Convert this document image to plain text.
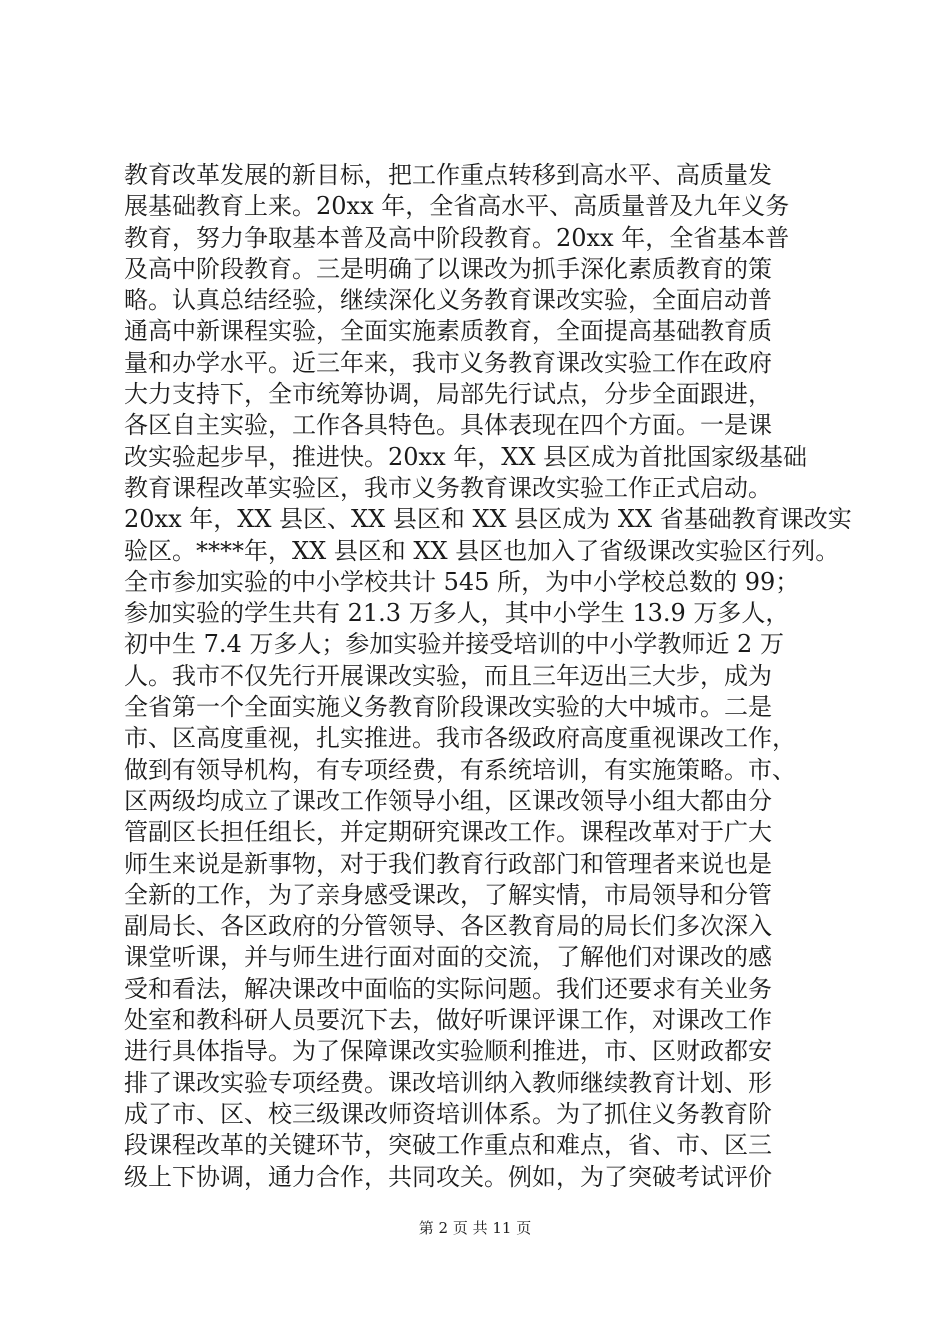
教育改革发展的新目标，把工作重点转移到高水平、高质量发
展基础教育上来。20xx 年，全省高水平、高质量普及九年义务
教育，努力争取基本普及高中阶段教育。20xx 年，全省基本普
及高中阶段教育。三是明确了以课改为抓手深化素质教育的策
略。认真总结经验，继续深化义务教育课改实验，全面启动普
通高中新课程实验，全面实施素质教育，全面提高基础教育质
量和办学水平。近三年来，我市义务教育课改实验工作在政府
大力支持下，全市统筹协调，局部先行试点，分步全面跟进，
各区自主实验，工作各具特色。具体表现在四个方面。一是课
改实验起步早，推进快。20xx 年，XX 县区成为首批国家级基础
教育课程改革实验区，我市义务教育课改实验工作正式启动。
20xx 年，XX 县区、XX 县区和 XX 县区成为 XX 省基础教育课改实
验区。****年，XX 县区和 XX 县区也加入了省级课改实验区行列。
全市参加实验的中小学校共计 545 所，为中小学校总数的 99；
参加实验的学生共有 21.3 万多人，其中小学生 13.9 万多人，
初中生 7.4 万多人；参加实验并接受培训的中小学教师近 2 万
人。我市不仅先行开展课改实验，而且三年迈出三大步，成为
全省第一个全面实施义务教育阶段课改实验的大中城市。二是
市、区高度重视，扎实推进。我市各级政府高度重视课改工作，
做到有领导机构，有专项经费，有系统培训，有实施策略。市、
区两级均成立了课改工作领导小组，区课改领导小组大都由分
管副区长担任组长，并定期研究课改工作。课程改革对于广大
师生来说是新事物，对于我们教育行政部门和管理者来说也是
全新的工作，为了亲身感受课改，了解实情，市局领导和分管
副局长、各区政府的分管领导、各区教育局的局长们多次深入
课堂听课，并与师生进行面对面的交流，了解他们对课改的感
受和看法，解决课改中面临的实际问题。我们还要求有关业务
处室和教科研人员要沉下去，做好听课评课工作，对课改工作
进行具体指导。为了保障课改实验顺利推进，市、区财政都安
排了课改实验专项经费。课改培训纳入教师继续教育计划、形
成了市、区、校三级课改师资培训体系。为了抓住义务教育阶
段课程改革的关键环节，突破工作重点和难点，省、市、区三
级上下协调，通力合作，共同攻关。例如，为了突破考试评价
第 2 页 共 11 页
